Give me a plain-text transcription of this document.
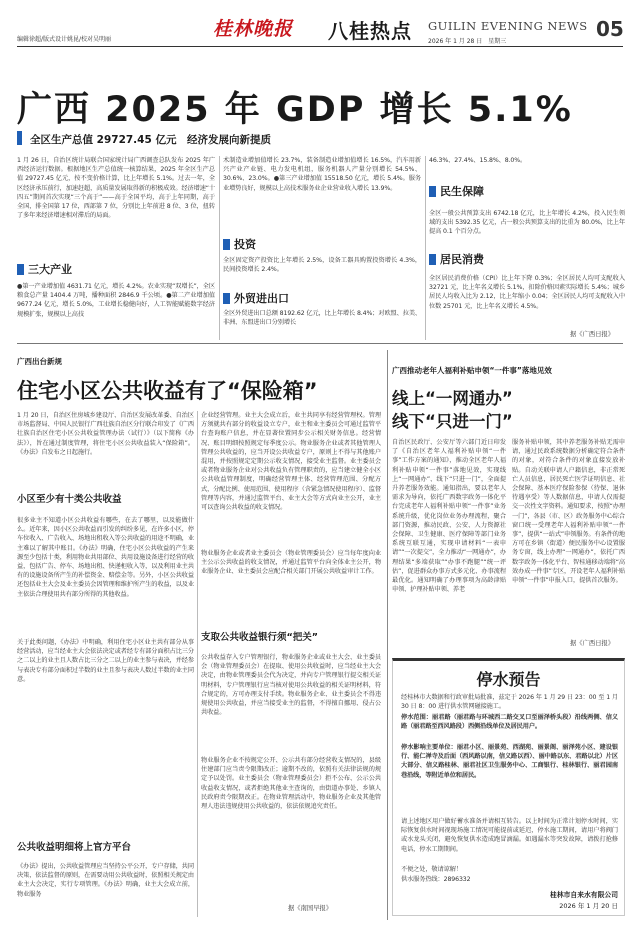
编辑徐超/版式设计姚昆/校对吴明丽	桂林晚报	八桂热点 GUILIN EVENING NEWS
2026 年 1 月 28 日　星期三
05
广西 2025 年 GDP 增长 5.1%
全区生产总值 29727.45 亿元　经济发展向新提质
1 月 26 日，自治区统计局联合国家统计局广西调查总队发布 2025 年广西经济运行数据。根据地区生产总值统一核算结果，2025 年全区生产总值 29727.45 亿元，按不变价格计算，比上年增长 5.1%。过去一年，全区经济承压前行，加速赶超，高质量发展取得新的积极成效。经济增速“十四五”期间首次实现“三个高于”——高于全国平均，高于上年同期，高于全国，排全国第 17 位，西部第 7 位，分别比上年前进 8 位、3 位，扭转了多年来经济增速相对滞后的局面。
三大产业
●第一产业增加值 4631.71 亿元，增长 4.2%。农业实现“双增长”，全区粮食总产量 1404.4 万吨，播种面积 2846.9 千公顷。●第二产业增加值 9677.24 亿元，增长 5.0%，工业增长稳健向好，人工智能赋能数字经济规模扩张，规模以上高技
术制造业增加值增长 23.7%，装备制造业增加值增长 16.5%，汽车用新兴产业产业链、电力发电机组，服务机器人产量分别增长 54.5%、30.6%、23.0%。●第三产业增加值 15518.50 亿元，增长 5.4%。服务业增势良好，规模以上高技术服务业企业营业收入增长 13.9%。
投资
全区固定资产投资比上年增长 2.5%，设备工器具购置投资增长 4.3%，民间投资增长 2.4%。
外贸进出口
全区外贸进出口总额 8192.62 亿元，比上年增长 8.4%；对欧盟、拉美、非洲、东盟进出口分别增长
46.3%、27.4%、15.8%、8.0%。
民生保障
全区一般公共预算支出 6742.18 亿元，比上年增长 4.2%，投入民生领域的支出 5392.35 亿元，占一般公共预算支出的比重为 80.0%，比上年提高 0.1 个百分点。
居民消费
全区居民消费价格（CPI）比上年下降 0.3%；全区居民人均可支配收入 32721 元，比上年名义增长 5.1%，扣除价格因素实际增长 5.4%；城乡居民人均收入比为 2.12，比上年缩小 0.04；全区居民人均可支配收入中位数 25701 元，比上年名义增长 4.5%。
据《广西日报》
广西出台新规
住宅小区公共收益有了“保险箱”
1 月 20 日，自治区住房城乡建设厅、自治区发展改革委、自治区市场监督局、中国人民银行广西壮族自治区分行联合印发了《广西壮族自治区住宅小区公共收益管理办法（试行）》（以下简称《办法》），旨在通过制度管理，将住宅小区公共收益装入“保险箱”。《办法》自发布之日起施行。
小区至少有十类公共收益
很多业主不知道小区公共收益有哪些，在去了哪里，以及能做什么。近年来，因小区公共收益而引发的纠纷多见，在许多小区，停车位收入、广告收入、场地出租收入等公共收益的用途不明确，业主难以了解其中账目。《办法》明确，住宅小区公共收益的产生来源至少包括十类，利用物业共用部位、共用设施设备进行经营的收益，包括广告、停车、场地出租、快递柜收入等，以及利用业主共有的设施设备所产生的补偿资金、赔偿金等。另外，小区公共收益还包括业主大会及业主委员会因管理和维护所产生的收益，以及业主依法合理使用共有部分所得的其他收益。
关于此类问题，《办法》中明确，利用住宅小区业主共有部分从事经营活动，应当经业主大会依法决定或者经专有部分面积占比三分之二以上的业主且人数占比三分之二以上的业主参与表决，并经参与表决专有部分面积过半数的业主且参与表决人数过半数的业主同意。
公共收益明细将上官方平台
《办法》提出，公共收益管理应当坚持公平公开，专户存储，共同决策，依法监督的原则，在需要动用公共收益时，依照相关规定由业主大会决定，实行专项管理。《办法》明确，业主大会成立前，物业服务
企业经营管理。业主大会成立后，业主共同享有经营管理权。管理方须就共有部分的收益设立专户，业主和业主委员会可通过监管平台查询账户信息，并在显著位置同步公示相关财务信息。经营情况、账目明细按照规定每季度公示。物业服务企业或者其他管理人管理公共收益的，应当开设公共收益专户，原则上不得与其他账户混用，并按照规定定期公示收支情况，接受业主监督。业主委员会或者物业服务企业对公共收益负有管理职责的，应当建立健全小区公共收益管理制度，明确经营管理主体、经营管理范围、分配方式，分配比例、使用范围、使用程序（含紧急情况使用程序）、监督管理等内容，并通过监管平台、业主大会等方式向业主公开，业主可以查询公共收益的收支情况。
物业服务企业或者业主委员会（物业管理委员会）应当每年度向业主公示公共收益的收支情况，并通过监管平台向全体业主公开，物业服务企业、业主委员会应配合相关部门开展公共收益审计工作。
支取公共收益银行须“把关”
公共收益存入专户管理银行，物业服务企业或业主大会、业主委员会（物业管理委员会）在提取、使用公共收益时，应当经业主大会决定，由物业管理委员会代为决定，并向专户管理银行提交相关证明材料，专户管理银行应当核对使用公共收益的相关证明材料，符合规定的，方可办理支付手续。物业服务企业、业主委员会不得违规使用公共收益，并应当接受业主的监督，不得擅自挪用、侵占公共收益。
物业服务企业不按规定公开、公示共有部分经营收支情况的，县级住建部门应当责令限期改正；逾期不改的，依照有关法律法规的规定予以处罚。业主委员会（物业管理委员会）拒不公布、公示公共收益收支情况，或者拒绝其他业主查询的，由街道办事处、乡镇人民政府责令限期改正。在物业管理活动中，物业服务企业及其他管理人违法违规使用公共收益的，依法依规追究责任。
据《南国早报》
广西推动老年人福利补贴申领“一件事”落地见效
线上“一网通办”
线下“只进一门”
自治区民政厅、公安厅等六部门近日印发了《自治区老年人福利补贴申领“一件事”工作方案的通知》，推动全区老年人福利补贴申领“一件事”落地见效，实现线上“一网通办”、线下“只进一门”，全面提升养老服务效能。通知指出，要以老年人需求为导向，依托广西数字政务一体化平台完成老年人福利补贴申领“一件事”业务系统升级，优化岗位业务办理流程，聚合部门资源，推动民政、公安、人力资源社会保障、卫生健康、医疗保障等部门业务系统互联互通，实现申请材料“一表申请”“一次提交”，全力推动“一网通办”，办理结果“多端获取”“办事不跑腿”“统一评估”，促进群众办事方式多元化、办事流程最优化。通知明确了办理事项为高龄津贴申领、护理补贴申领、养老
服务补贴申领，其中养老服务补贴无需申请，通过民政系统数据分析确定符合条件的对象，对符合条件的对象直接发放补贴。自动关联申请人户籍信息，非正常死亡人员信息，居民死亡医学证明信息、社会保障、基本医疗保险参保（待保、退休待遇享受）等人数据信息，申请人仅需提交一次性文字资料。通知要求，按照“办理一门”，各县（市、区）政务服务中心综合窗口统一受理老年人福利补贴申领“一件事”，提供“一站式”申领服务。有条件的地方可在乡镇（街道）便民服务中心设置服务专窗，线上办理“一网通办”，依托广西数字政务一体化平台、智桂通移动端将“高效办成一件事”专区，开设老年人福利补贴申领“一件事”申报入口，提供首次服务。
据《广西日报》
停水预告
经桂林市大数据和行政审批局批准，兹定于 2026 年 1 月 29 日 23：00 至 1 月 30 日 8：00 进行供水管网碰接施工。
停水范围：丽君路（丽君路与环城西二路交叉口至丽泽桥头段）沿线两侧、信义路（丽君路至西风路段）西侧沿线单位及居民用户。
停水影响主要单位：丽君小区、丽景苑、西湖苑、丽景阁、丽泽苑小区、建设银行、能仁禅寺及后面（西风路以南，信义路以西）、丽中路以东、君路以北）片区大部分、信义路桂林、丽君社区卫生服务中心、工商银行、桂林银行、丽君园南巷沿线，等附近单位和居民。
请上述地区用户做好蓄水准备并请相互转告。以上时间为正常计划停水时间，实际恢复供水时间视现场施工情况可能提前或延迟，停水施工期间，请用户将阀门或水龙头关闭，避免恢复供水造成跑冒滴漏。如遇漏水等突发故障，请拨打抢修电话，停水工期期间。
不便之处，敬请谅解！
供水服务热线：2896332
桂林市自来水有限公司
2026 年 1 月 20 日
